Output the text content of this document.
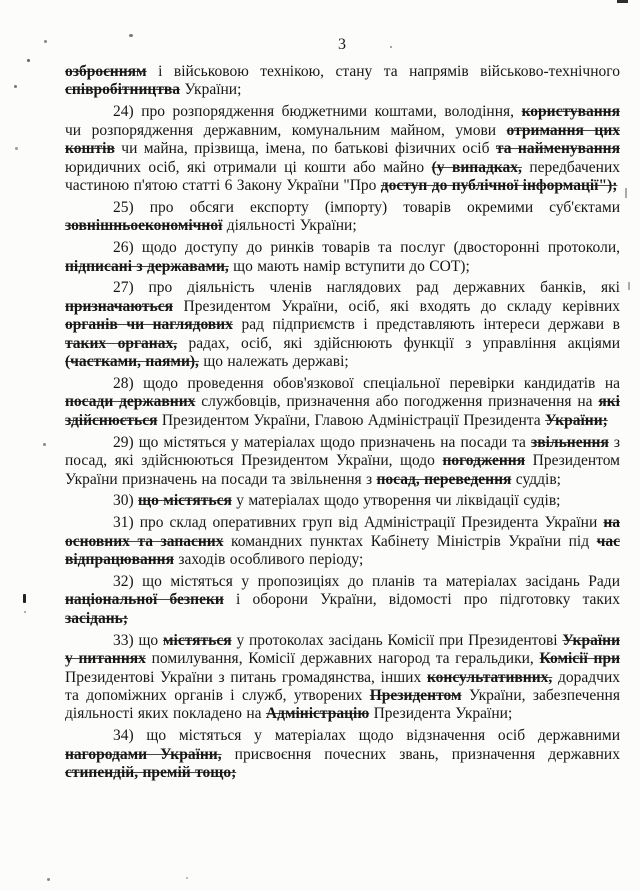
3

озброєнням і військовою технікою, стану та напрямів військово-технічного співробітництва України;

24) про розпорядження бюджетними коштами, володіння, користування чи розпорядження державним, комунальним майном, умови отримання цих коштів чи майна, прізвища, імена, по батькові фізичних осіб та найменування юридичних осіб, які отримали ці кошти або майно (у випадках, передбачених частиною п'ятою статті 6 Закону України "Про доступ до публічної інформації");

25) про обсяги експорту (імпорту) товарів окремими суб'єктами зовнішньоекономічної діяльності України;

26) щодо доступу до ринків товарів та послуг (двосторонні протоколи, підписані з державами, що мають намір вступити до СОТ);

27) про діяльність членів наглядових рад державних банків, які призначаються Президентом України, осіб, які входять до складу керівних органів чи наглядових рад підприємств і представляють інтереси держави в таких органах, радах, осіб, які здійснюють функції з управління акціями (частками, паями), що належать державі;

28) щодо проведення обов'язкової спеціальної перевірки кандидатів на посади державних службовців, призначення або погодження призначення на які здійснюється Президентом України, Главою Адміністрації Президента України;

29) що містяться у матеріалах щодо призначень на посади та звільнення з посад, які здійснюються Президентом України, щодо погодження Президентом України призначень на посади та звільнення з посад, переведення суддів;

30) що містяться у матеріалах щодо утворення чи ліквідації судів;

31) про склад оперативних груп від Адміністрації Президента України на основних та запасних командних пунктах Кабінету Міністрів України під час відпрацювання заходів особливого періоду;

32) що містяться у пропозиціях до планів та матеріалах засідань Ради національної безпеки і оборони України, відомості про підготовку таких засідань;

33) що містяться у протоколах засідань Комісії при Президентові України у питаннях помилування, Комісії державних нагород та геральдики, Комісії при Президентові України з питань громадянства, інших консультативних, дорадчих та допоміжних органів і служб, утворених Президентом України, забезпечення діяльності яких покладено на Адміністрацію Президента України;

34) що містяться у матеріалах щодо відзначення осіб державними нагородами України, присвоєння почесних звань, призначення державних стипендій, премій тощо;
